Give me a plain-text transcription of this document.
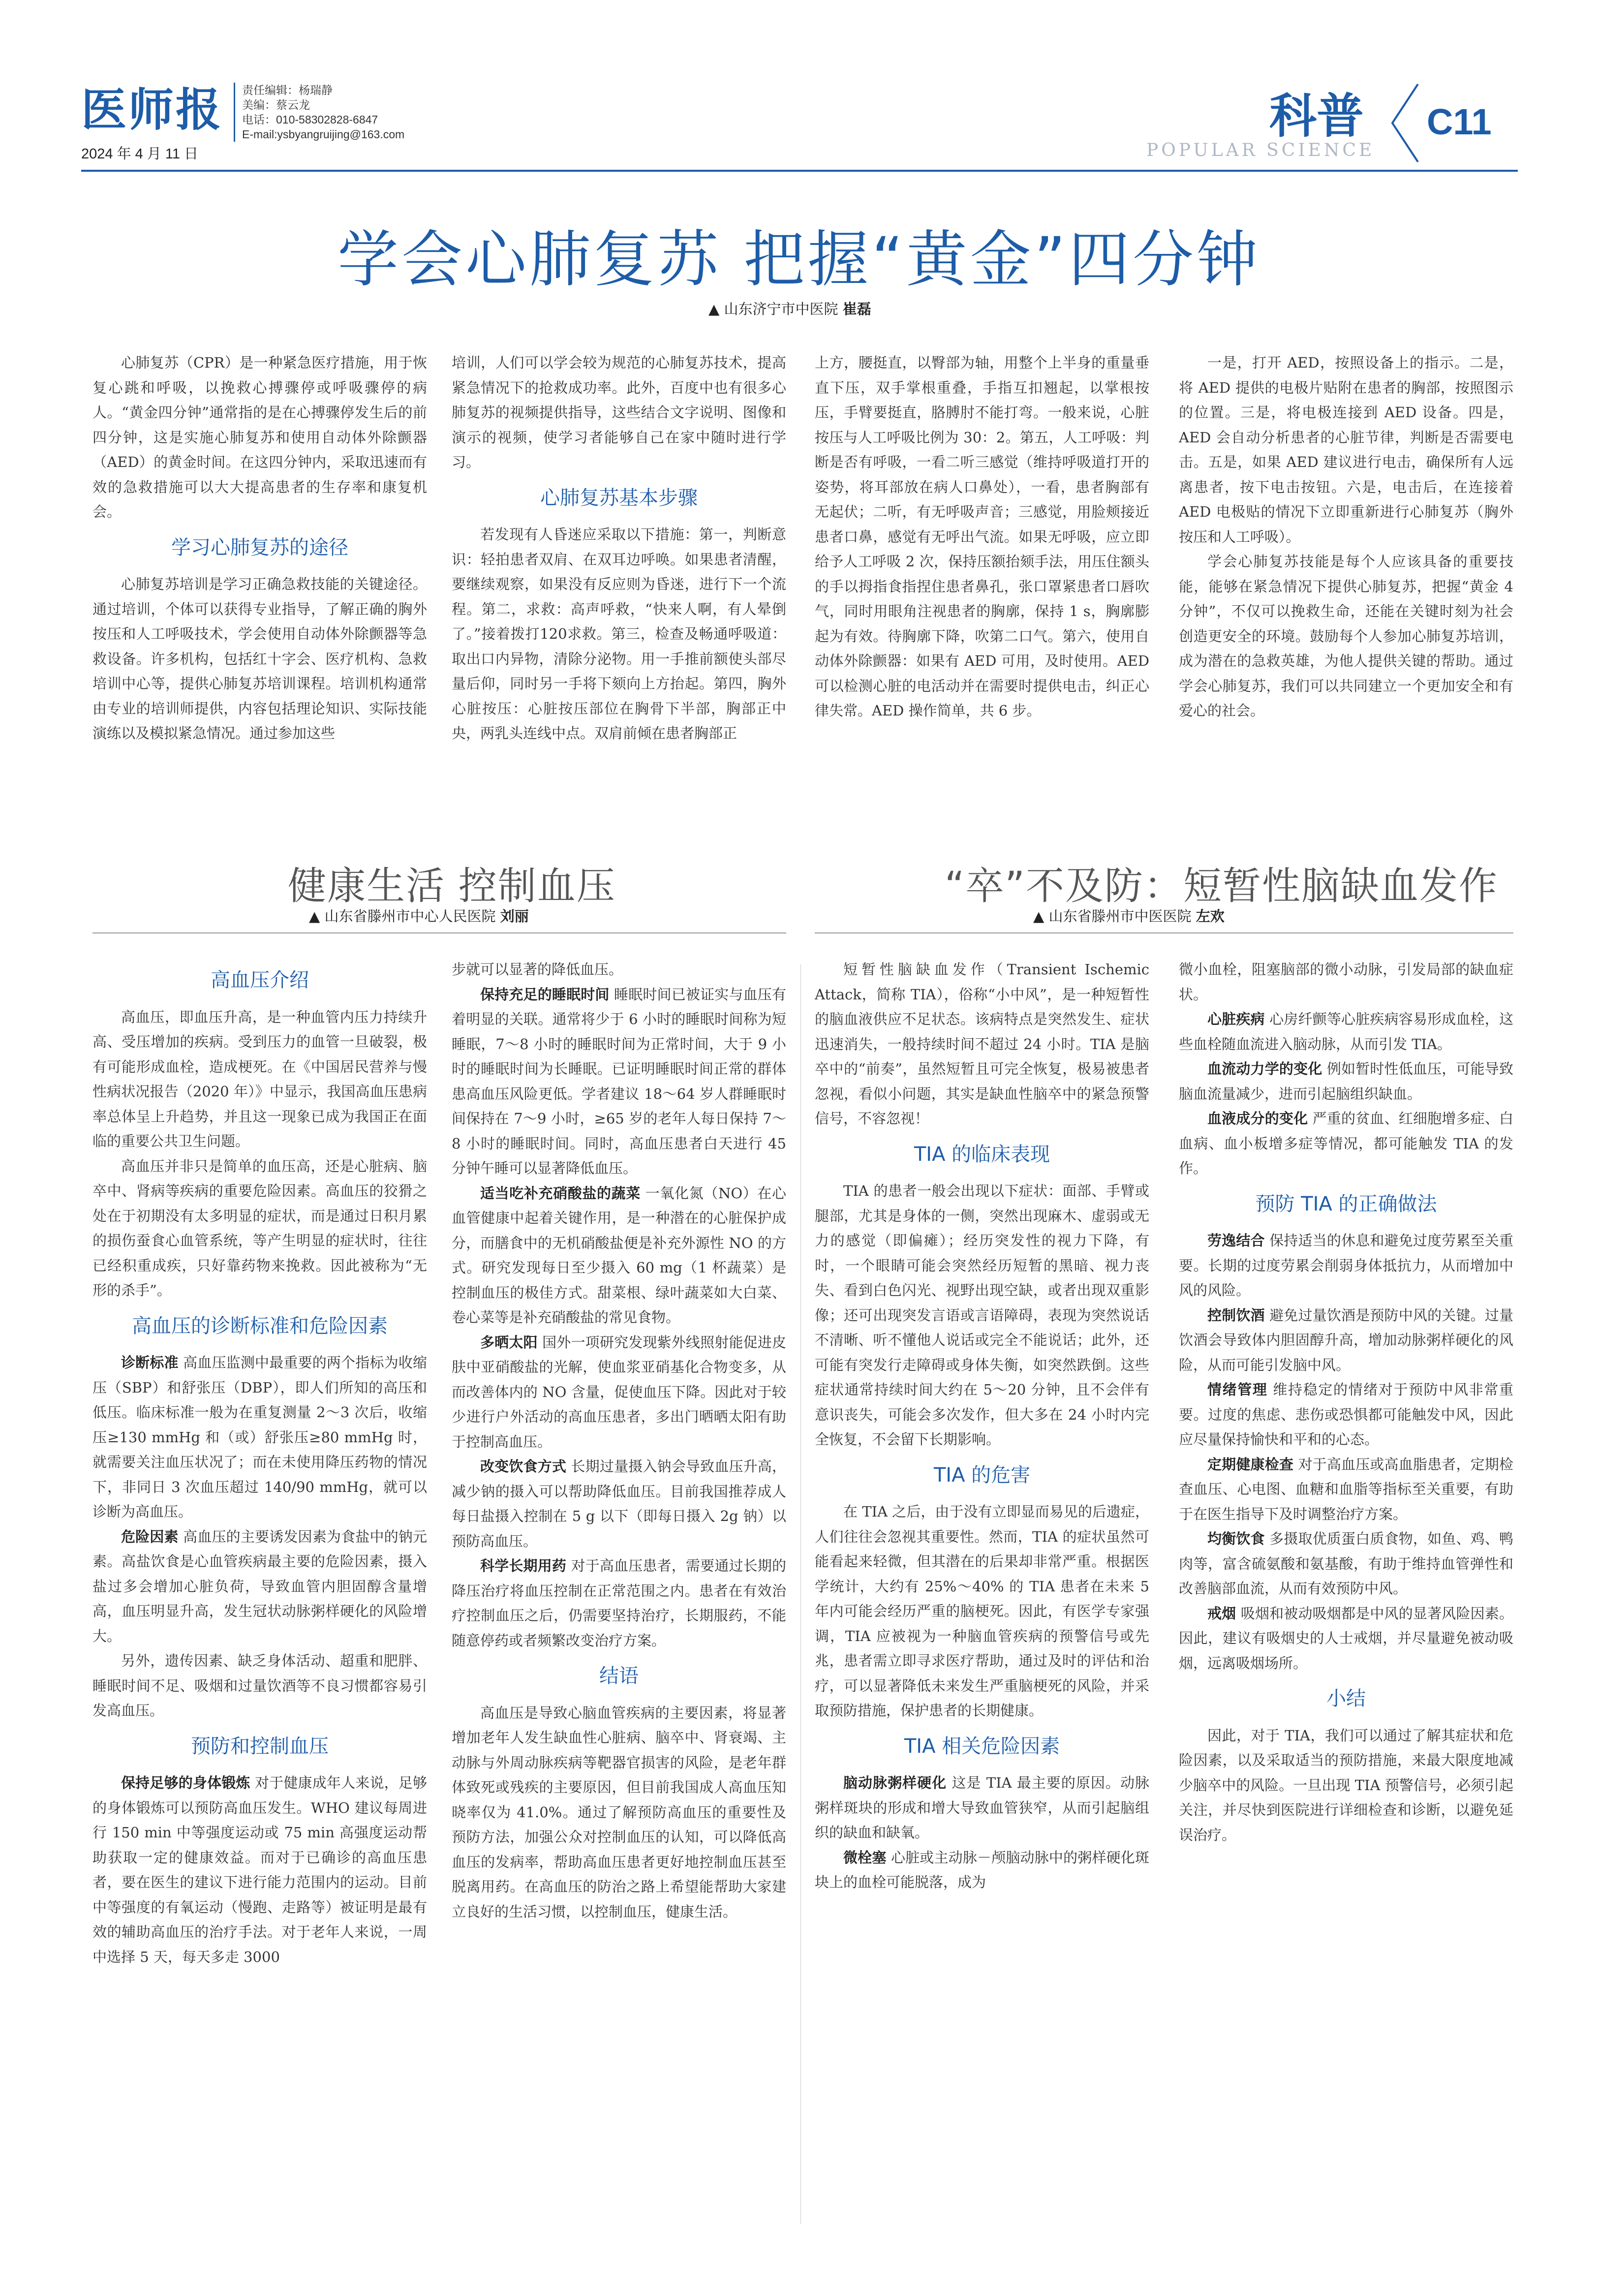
医师报
2024 年 4 月 11 日
责任编辑：杨瑞静
美编：蔡云龙
电话：010-58302828-6847
E-mail:ysbyangruijing@163.com	科普
POPULAR SCIENCE
C11
学会心肺复苏 把握“黄金”四分钟
▲ 山东济宁市中医院 崔磊

心肺复苏（CPR）是一种紧急医疗措施，用于恢复心跳和呼吸，以挽救心搏骤停或呼吸骤停的病人。“黄金四分钟”通常指的是在心搏骤停发生后的前四分钟，这是实施心肺复苏和使用自动体外除颤器（AED）的黄金时间。在这四分钟内，采取迅速而有效的急救措施可以大大提高患者的生存率和康复机会。

学习心肺复苏的途径

心肺复苏培训是学习正确急救技能的关键途径。通过培训，个体可以获得专业指导，了解正确的胸外按压和人工呼吸技术，学会使用自动体外除颤器等急救设备。许多机构，包括红十字会、医疗机构、急救培训中心等，提供心肺复苏培训课程。培训机构通常由专业的培训师提供，内容包括理论知识、实际技能演练以及模拟紧急情况。通过参加这些

培训，人们可以学会较为规范的心肺复苏技术，提高紧急情况下的抢救成功率。此外，百度中也有很多心肺复苏的视频提供指导，这些结合文字说明、图像和演示的视频，使学习者能够自己在家中随时进行学习。

心肺复苏基本步骤

若发现有人昏迷应采取以下措施：第一，判断意识：轻拍患者双肩、在双耳边呼唤。如果患者清醒，要继续观察，如果没有反应则为昏迷，进行下一个流程。第二，求救：高声呼救，“快来人啊，有人晕倒了。”接着拨打120求救。第三，检查及畅通呼吸道：取出口内异物，清除分泌物。用一手推前额使头部尽量后仰，同时另一手将下颏向上方抬起。第四，胸外心脏按压：心脏按压部位在胸骨下半部，胸部正中央，两乳头连线中点。双肩前倾在患者胸部正

上方，腰挺直，以臀部为轴，用整个上半身的重量垂直下压，双手掌根重叠，手指互扣翘起，以掌根按压，手臂要挺直，胳膊肘不能打弯。一般来说，心脏按压与人工呼吸比例为 30：2。第五，人工呼吸：判断是否有呼吸，一看二听三感觉（维持呼吸道打开的姿势，将耳部放在病人口鼻处），一看，患者胸部有无起伏；二听，有无呼吸声音；三感觉，用脸颊接近患者口鼻，感觉有无呼出气流。如果无呼吸，应立即给予人工呼吸 2 次，保持压额抬颏手法，用压住额头的手以拇指食指捏住患者鼻孔，张口罩紧患者口唇吹气，同时用眼角注视患者的胸廓，保持 1 s，胸廓膨起为有效。待胸廓下降，吹第二口气。第六，使用自动体外除颤器：如果有 AED 可用，及时使用。AED 可以检测心脏的电活动并在需要时提供电击，纠正心律失常。AED 操作简单，共 6 步。

一是，打开 AED，按照设备上的指示。二是，将 AED 提供的电极片贴附在患者的胸部，按照图示的位置。三是，将电极连接到 AED 设备。四是，AED 会自动分析患者的心脏节律，判断是否需要电击。五是，如果 AED 建议进行电击，确保所有人远离患者，按下电击按钮。六是，电击后，在连接着 AED 电极贴的情况下立即重新进行心肺复苏（胸外按压和人工呼吸）。

学会心肺复苏技能是每个人应该具备的重要技能，能够在紧急情况下提供心肺复苏，把握“黄金 4 分钟”，不仅可以挽救生命，还能在关键时刻为社会创造更安全的环境。鼓励每个人参加心肺复苏培训，成为潜在的急救英雄，为他人提供关键的帮助。通过学会心肺复苏，我们可以共同建立一个更加安全和有爱心的社会。

健康生活 控制血压
▲ 山东省滕州市中心人民医院 刘丽
“卒”不及防：短暂性脑缺血发作
▲ 山东省滕州市中医医院 左欢
高血压介绍

高血压，即血压升高，是一种血管内压力持续升高、受压增加的疾病。受到压力的血管一旦破裂，极有可能形成血栓，造成梗死。在《中国居民营养与慢性病状况报告（2020 年）》中显示，我国高血压患病率总体呈上升趋势，并且这一现象已成为我国正在面临的重要公共卫生问题。

高血压并非只是简单的血压高，还是心脏病、脑卒中、肾病等疾病的重要危险因素。高血压的狡猾之处在于初期没有太多明显的症状，而是通过日积月累的损伤蚕食心血管系统，等产生明显的症状时，往往已经积重成疾，只好靠药物来挽救。因此被称为“无形的杀手”。

高血压的诊断标准和危险因素

诊断标准 高血压监测中最重要的两个指标为收缩压（SBP）和舒张压（DBP），即人们所知的高压和低压。临床标准一般为在重复测量 2～3 次后，收缩压≥130 mmHg 和（或）舒张压≥80 mmHg 时，就需要关注血压状况了；而在未使用降压药物的情况下，非同日 3 次血压超过 140/90 mmHg，就可以诊断为高血压。

危险因素 高血压的主要诱发因素为食盐中的钠元素。高盐饮食是心血管疾病最主要的危险因素，摄入盐过多会增加心脏负荷，导致血管内胆固醇含量增高，血压明显升高，发生冠状动脉粥样硬化的风险增大。

另外，遗传因素、缺乏身体活动、超重和肥胖、睡眠时间不足、吸烟和过量饮酒等不良习惯都容易引发高血压。

预防和控制血压

保持足够的身体锻炼 对于健康成年人来说，足够的身体锻炼可以预防高血压发生。WHO 建议每周进行 150 min 中等强度运动或 75 min 高强度运动帮助获取一定的健康效益。而对于已确诊的高血压患者，要在医生的建议下进行能力范围内的运动。目前中等强度的有氧运动（慢跑、走路等）被证明是最有效的辅助高血压的治疗手法。对于老年人来说，一周中选择 5 天，每天多走 3000

步就可以显著的降低血压。

保持充足的睡眠时间 睡眠时间已被证实与血压有着明显的关联。通常将少于 6 小时的睡眠时间称为短睡眠，7～8 小时的睡眠时间为正常时间，大于 9 小时的睡眠时间为长睡眠。已证明睡眠时间正常的群体患高血压风险更低。学者建议 18～64 岁人群睡眠时间保持在 7～9 小时，≥65 岁的老年人每日保持 7～8 小时的睡眠时间。同时，高血压患者白天进行 45 分钟午睡可以显著降低血压。

适当吃补充硝酸盐的蔬菜 一氧化氮（NO）在心血管健康中起着关键作用，是一种潜在的心脏保护成分，而膳食中的无机硝酸盐便是补充外源性 NO 的方式。研究发现每日至少摄入 60 mg（1 杯蔬菜）是控制血压的极佳方式。甜菜根、绿叶蔬菜如大白菜、卷心菜等是补充硝酸盐的常见食物。

多晒太阳 国外一项研究发现紫外线照射能促进皮肤中亚硝酸盐的光解，使血浆亚硝基化合物变多，从而改善体内的 NO 含量，促使血压下降。因此对于较少进行户外活动的高血压患者，多出门晒晒太阳有助于控制高血压。

改变饮食方式 长期过量摄入钠会导致血压升高，减少钠的摄入可以帮助降低血压。目前我国推荐成人每日盐摄入控制在 5 g 以下（即每日摄入 2g 钠）以预防高血压。

科学长期用药 对于高血压患者，需要通过长期的降压治疗将血压控制在正常范围之内。患者在有效治疗控制血压之后，仍需要坚持治疗，长期服药，不能随意停药或者频繁改变治疗方案。

结语

高血压是导致心脑血管疾病的主要因素，将显著增加老年人发生缺血性心脏病、脑卒中、肾衰竭、主动脉与外周动脉疾病等靶器官损害的风险，是老年群体致死或残疾的主要原因，但目前我国成人高血压知晓率仅为 41.0%。通过了解预防高血压的重要性及预防方法，加强公众对控制血压的认知，可以降低高血压的发病率，帮助高血压患者更好地控制血压甚至脱离用药。在高血压的防治之路上希望能帮助大家建立良好的生活习惯，以控制血压，健康生活。

短暂性脑缺血发作（Transient Ischemic Attack，简称 TIA），俗称“小中风”，是一种短暂性的脑血液供应不足状态。该病特点是突然发生、症状迅速消失，一般持续时间不超过 24 小时。TIA 是脑卒中的“前奏”，虽然短暂且可完全恢复，极易被患者忽视，看似小问题，其实是缺血性脑卒中的紧急预警信号，不容忽视！

TIA 的临床表现

TIA 的患者一般会出现以下症状：面部、手臂或腿部，尤其是身体的一侧，突然出现麻木、虚弱或无力的感觉（即偏瘫）；经历突发性的视力下降，有时，一个眼睛可能会突然经历短暂的黑暗、视力丧失、看到白色闪光、视野出现空缺，或者出现双重影像；还可出现突发言语或言语障碍，表现为突然说话不清晰、听不懂他人说话或完全不能说话；此外，还可能有突发行走障碍或身体失衡，如突然跌倒。这些症状通常持续时间大约在 5～20 分钟，且不会伴有意识丧失，可能会多次发作，但大多在 24 小时内完全恢复，不会留下长期影响。

TIA 的危害

在 TIA 之后，由于没有立即显而易见的后遗症，人们往往会忽视其重要性。然而，TIA 的症状虽然可能看起来轻微，但其潜在的后果却非常严重。根据医学统计，大约有 25%～40% 的 TIA 患者在未来 5 年内可能会经历严重的脑梗死。因此，有医学专家强调，TIA 应被视为一种脑血管疾病的预警信号或先兆，患者需立即寻求医疗帮助，通过及时的评估和治疗，可以显著降低未来发生严重脑梗死的风险，并采取预防措施，保护患者的长期健康。

TIA 相关危险因素

脑动脉粥样硬化 这是 TIA 最主要的原因。动脉粥样斑块的形成和增大导致血管狭窄，从而引起脑组织的缺血和缺氧。

微栓塞 心脏或主动脉－颅脑动脉中的粥样硬化斑块上的血栓可能脱落，成为

微小血栓，阻塞脑部的微小动脉，引发局部的缺血症状。

心脏疾病 心房纤颤等心脏疾病容易形成血栓，这些血栓随血流进入脑动脉，从而引发 TIA。

血流动力学的变化 例如暂时性低血压，可能导致脑血流量减少，进而引起脑组织缺血。

血液成分的变化 严重的贫血、红细胞增多症、白血病、血小板增多症等情况，都可能触发 TIA 的发作。

预防 TIA 的正确做法

劳逸结合 保持适当的休息和避免过度劳累至关重要。长期的过度劳累会削弱身体抵抗力，从而增加中风的风险。

控制饮酒 避免过量饮酒是预防中风的关键。过量饮酒会导致体内胆固醇升高，增加动脉粥样硬化的风险，从而可能引发脑中风。

情绪管理 维持稳定的情绪对于预防中风非常重要。过度的焦虑、悲伤或恐惧都可能触发中风，因此应尽量保持愉快和平和的心态。

定期健康检查 对于高血压或高血脂患者，定期检查血压、心电图、血糖和血脂等指标至关重要，有助于在医生指导下及时调整治疗方案。

均衡饮食 多摄取优质蛋白质食物，如鱼、鸡、鸭肉等，富含硫氨酸和氨基酸，有助于维持血管弹性和改善脑部血流，从而有效预防中风。

戒烟 吸烟和被动吸烟都是中风的显著风险因素。因此，建议有吸烟史的人士戒烟，并尽量避免被动吸烟，远离吸烟场所。

小结

因此，对于 TIA，我们可以通过了解其症状和危险因素，以及采取适当的预防措施，来最大限度地减少脑卒中的风险。一旦出现 TIA 预警信号，必须引起关注，并尽快到医院进行详细检查和诊断，以避免延误治疗。
